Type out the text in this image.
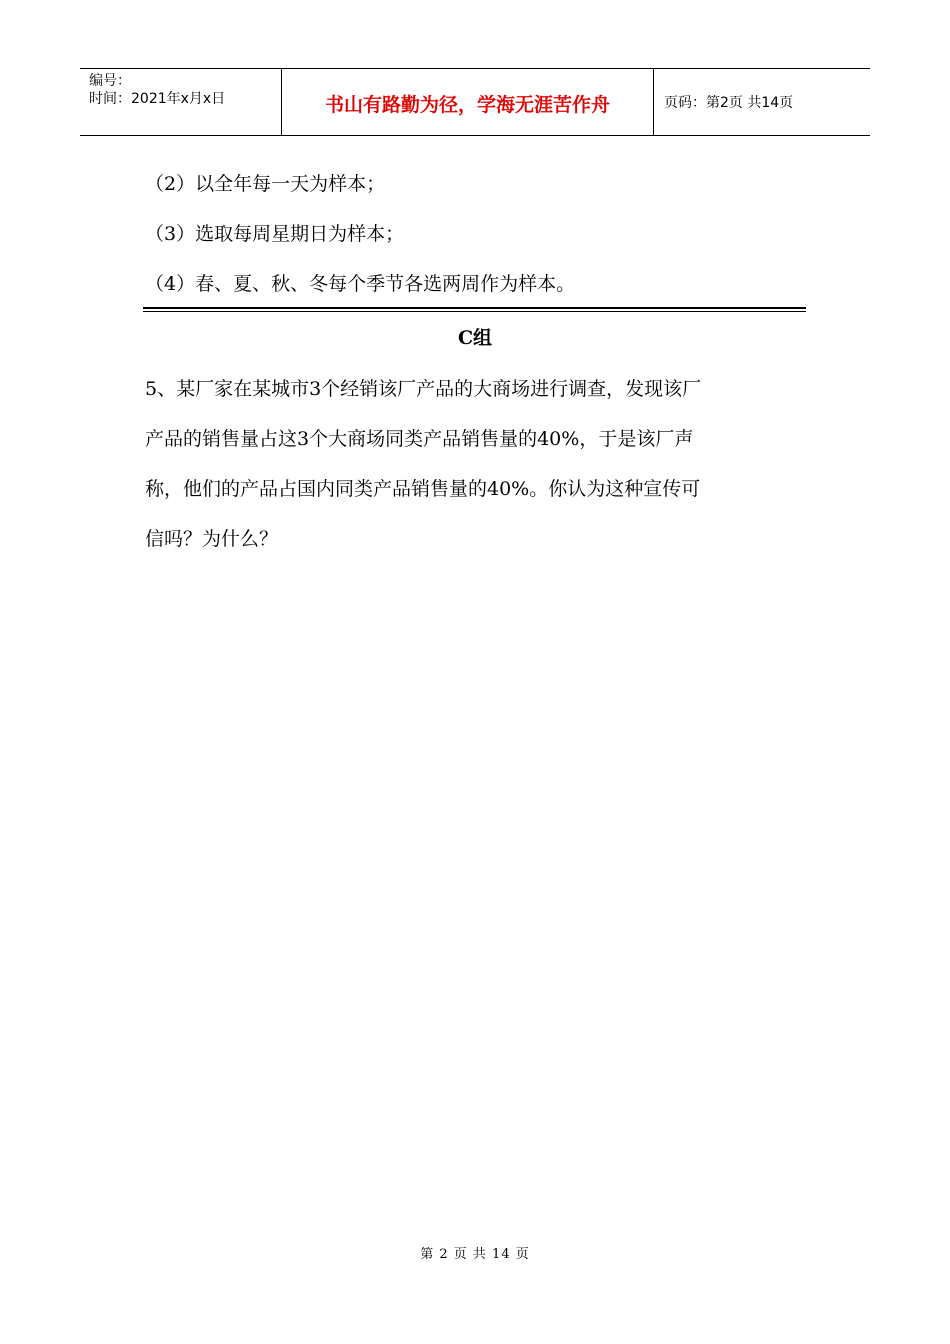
编号：
时间：2021年x月x日	书山有路勤为径，学海无涯苦作舟	页码：第2页 共14页
（2）以全年每一天为样本；
（3）选取每周星期日为样本；
（4）春、夏、秋、冬每个季节各选两周作为样本。
C组
5、某厂家在某城市3个经销该厂产品的大商场进行调查，发现该厂
产品的销售量占这3个大商场同类产品销售量的40%，于是该厂声
称，他们的产品占国内同类产品销售量的40%。你认为这种宣传可
信吗？为什么？
第 2 页 共 14 页
